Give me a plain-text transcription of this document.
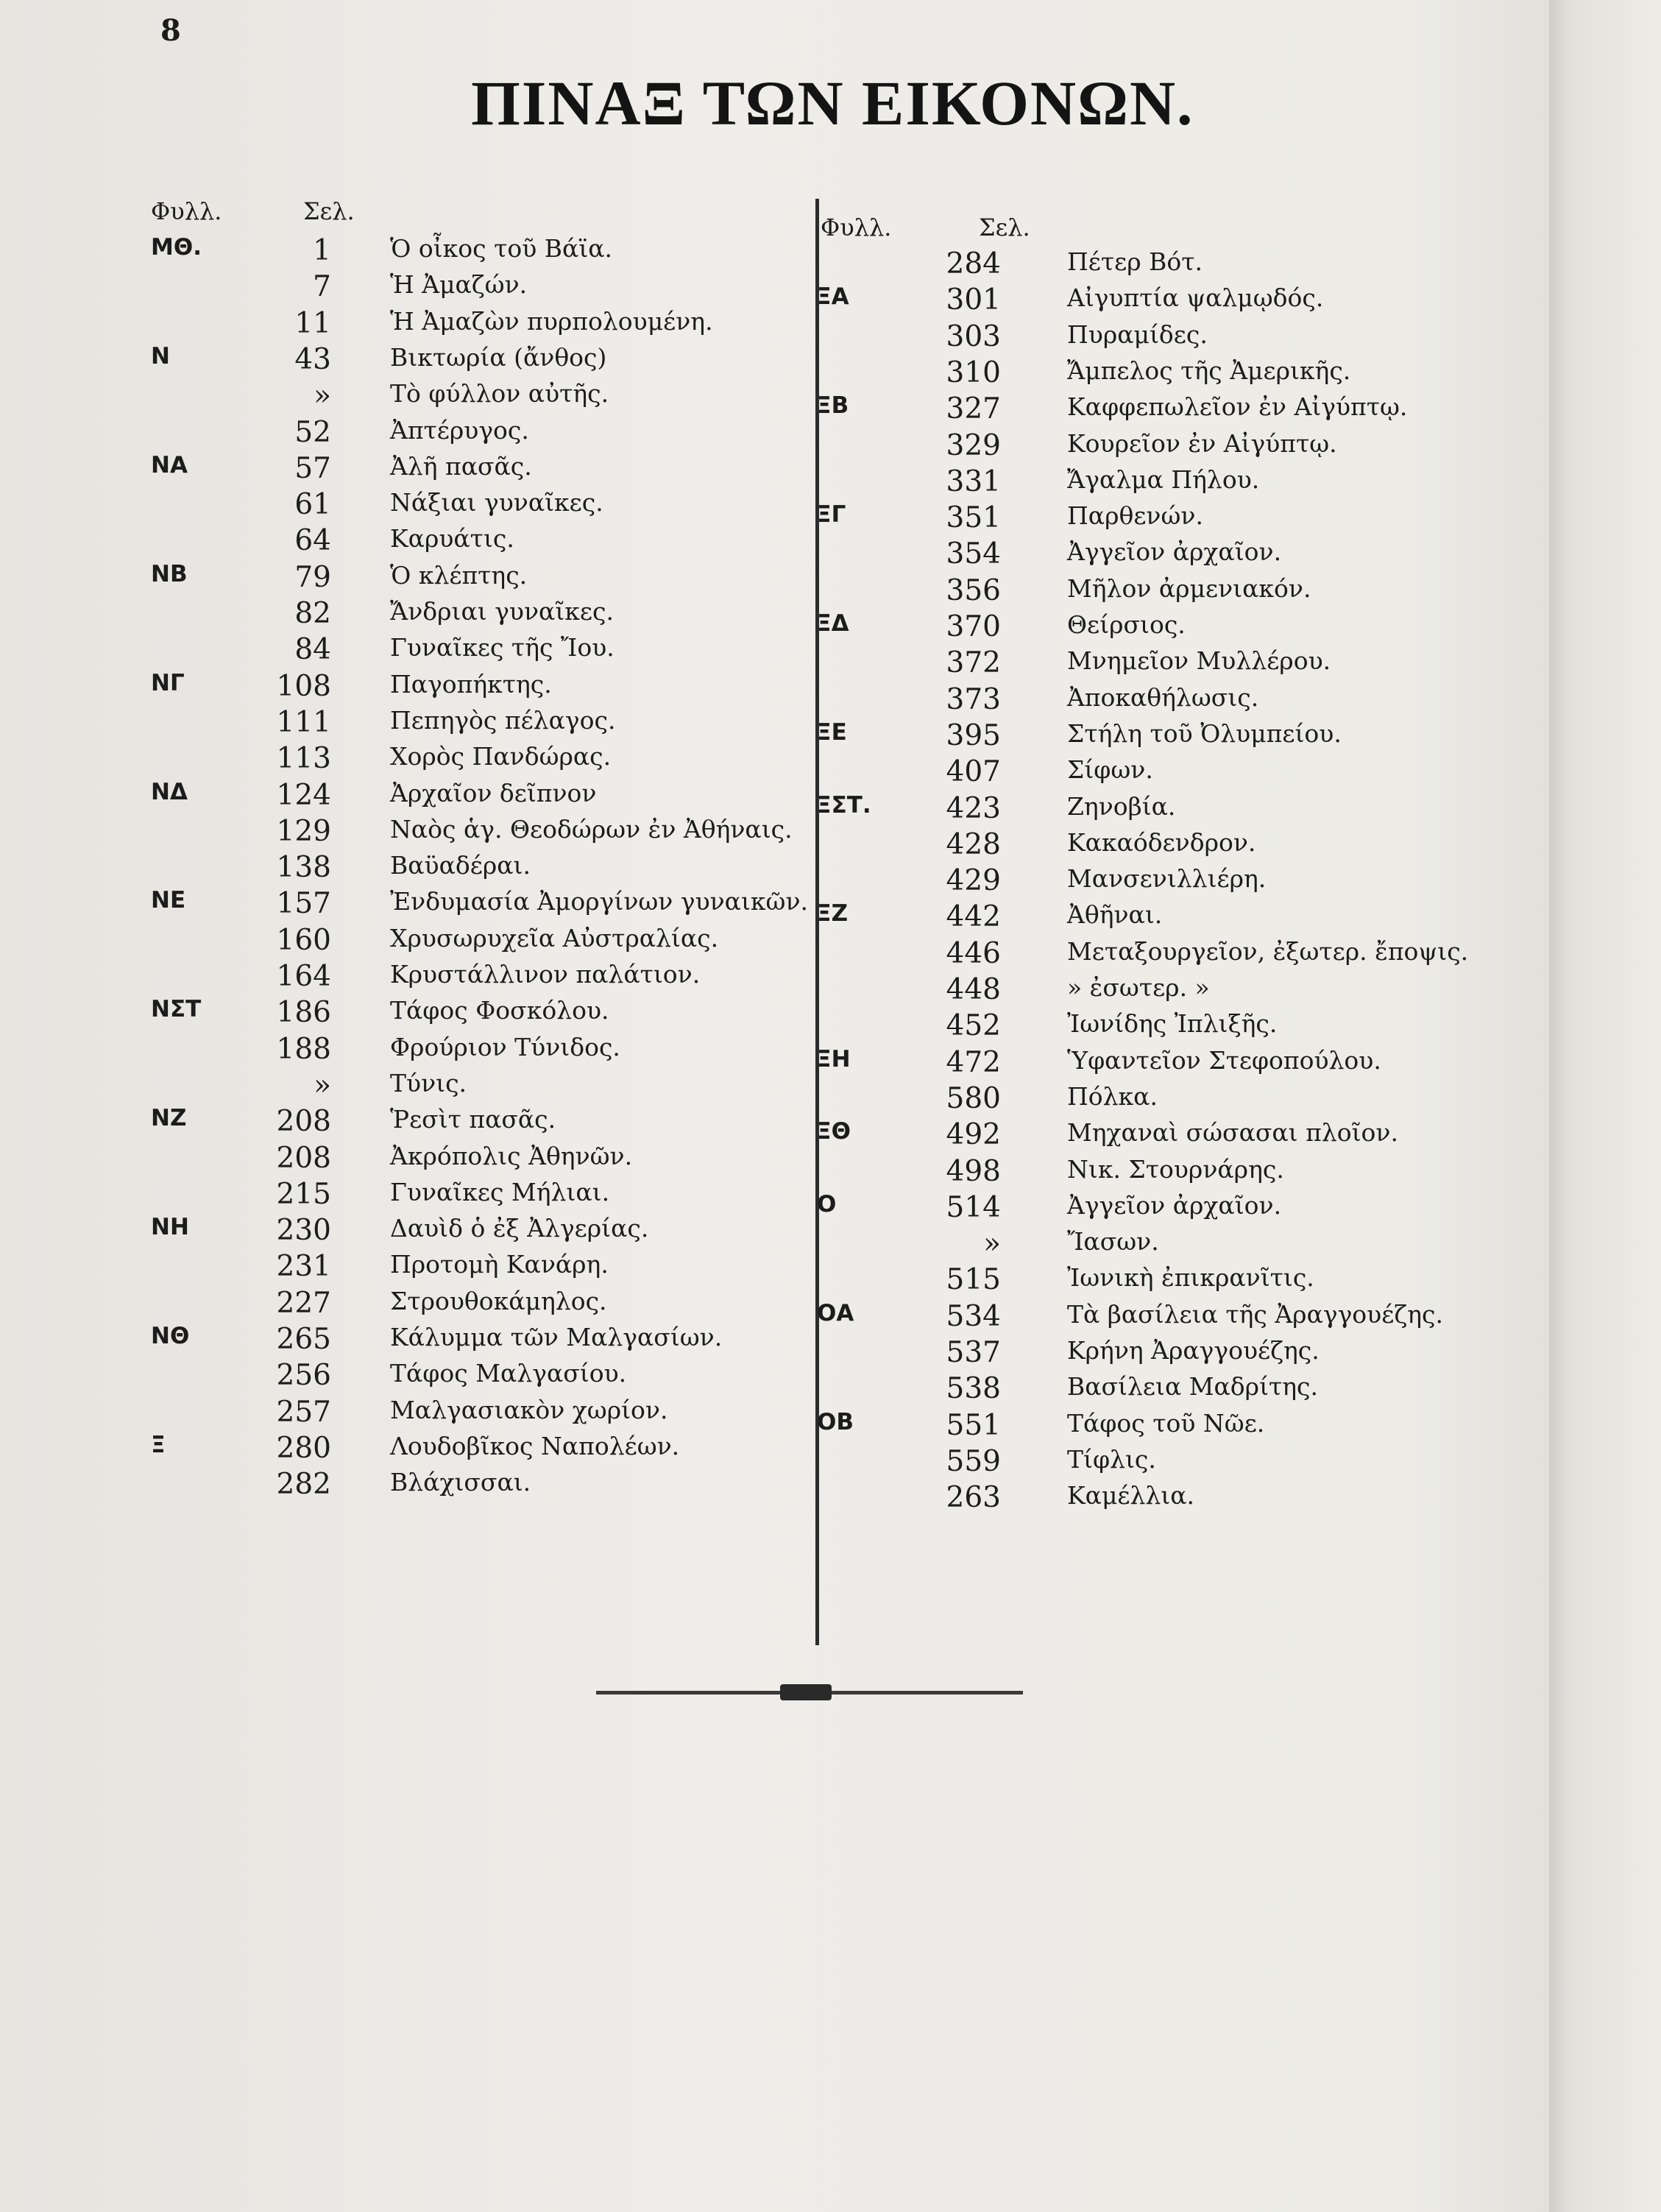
8
ΠΙΝΑΞ ΤΩΝ ΕΙΚΟΝΩΝ.
Φυλλ.	Σελ.
Φυλλ.	Σελ.
ΜΘ.	1 Ὁ οἶκος τοῦ Βάϊα.
7 Ἡ Ἀμαζών.
11 Ἡ Ἀμαζὼν πυρπολουμένη.
Ν	43 Βικτωρία (ἄνθος)
» Τὸ φύλλον αὐτῆς.
52 Ἀπτέρυγος.
ΝΑ	57 Ἀλῆ πασᾶς.
61 Νάξιαι γυναῖκες.
64 Καρυάτις.
ΝΒ	79 Ὁ κλέπτης.
82 Ἄνδριαι γυναῖκες.
84 Γυναῖκες τῆς Ἴου.
ΝΓ	108 Παγοπήκτης.
111 Πεπηγὸς πέλαγος.
113 Χορὸς Πανδώρας.
ΝΔ	124 Ἀρχαῖον δεῖπνον
129 Ναὸς ἁγ. Θεοδώρων ἐν Ἀθήναις.
138 Βαϋαδέραι.
ΝΕ	157 Ἐνδυμασία Ἀμοργίνων γυναικῶν.
160 Χρυσωρυχεῖα Αὐστραλίας.
164 Κρυστάλλινον παλάτιον.
ΝΣΤ	186 Τάφος Φοσκόλου.
188 Φρούριον Τύνιδος.
» Τύνις.
ΝΖ	208 Ῥεσὶτ πασᾶς.
208 Ἀκρόπολις Ἀθηνῶν.
215 Γυναῖκες Μήλιαι.
ΝΗ	230 Δαυὶδ ὁ ἐξ Ἀλγερίας.
231 Προτομὴ Κανάρη.
227 Στρουθοκάμηλος.
ΝΘ	265 Κάλυμμα τῶν Μαλγασίων.
256 Τάφος Μαλγασίου.
257 Μαλγασιακὸν χωρίον.
Ξ	280 Λουδοβῖκος Ναπολέων.
282 Βλάχισσαι.
284	Πέτερ Βότ.
ΞΑ	301	Αἰγυπτία ψαλμῳδός.
303	Πυραμίδες.
310	Ἄμπελος τῆς Ἀμερικῆς.
ΞΒ	327	Καφφεπωλεῖον ἐν Αἰγύπτῳ.
329	Κουρεῖον ἐν Αἰγύπτῳ.
331	Ἄγαλμα Πήλου.
ΞΓ	351	Παρθενών.
354	Ἀγγεῖον ἀρχαῖον.
356	Μῆλον ἀρμενιακόν.
ΞΔ	370	Θείρσιος.
372	Μνημεῖον Μυλλέρου.
373	Ἀποκαθήλωσις.
ΞΕ	395	Στήλη τοῦ Ὀλυμπείου.
407	Σίφων.
ΞΣΤ.	423	Ζηνοβία.
428	Κακαόδενδρον.
429	Μανσενιλλιέρη.
ΞΖ	442	Ἀθῆναι.
446	Μεταξουργεῖον, ἐξωτερ. ἔποψις.
448	» ἐσωτερ. »
452	Ἰωνίδης Ἰπλιξῆς.
ΞΗ	472	Ὑφαντεῖον Στεφοπούλου.
580	Πόλκα.
ΞΘ	492	Μηχαναὶ σώσασαι πλοῖον.
498	Νικ. Στουρνάρης.
Ο	514	Ἀγγεῖον ἀρχαῖον.
»	Ἴασων.
515	Ἰωνικὴ ἐπικρανῖτις.
ΟΑ	534	Τὰ βασίλεια τῆς Ἀραγγουέζης.
537	Κρήνη Ἀραγγουέζης.
538	Βασίλεια Μαδρίτης.
ΟΒ	551	Τάφος τοῦ Νῶε.
559	Τίφλις.
263	Καμέλλια.
